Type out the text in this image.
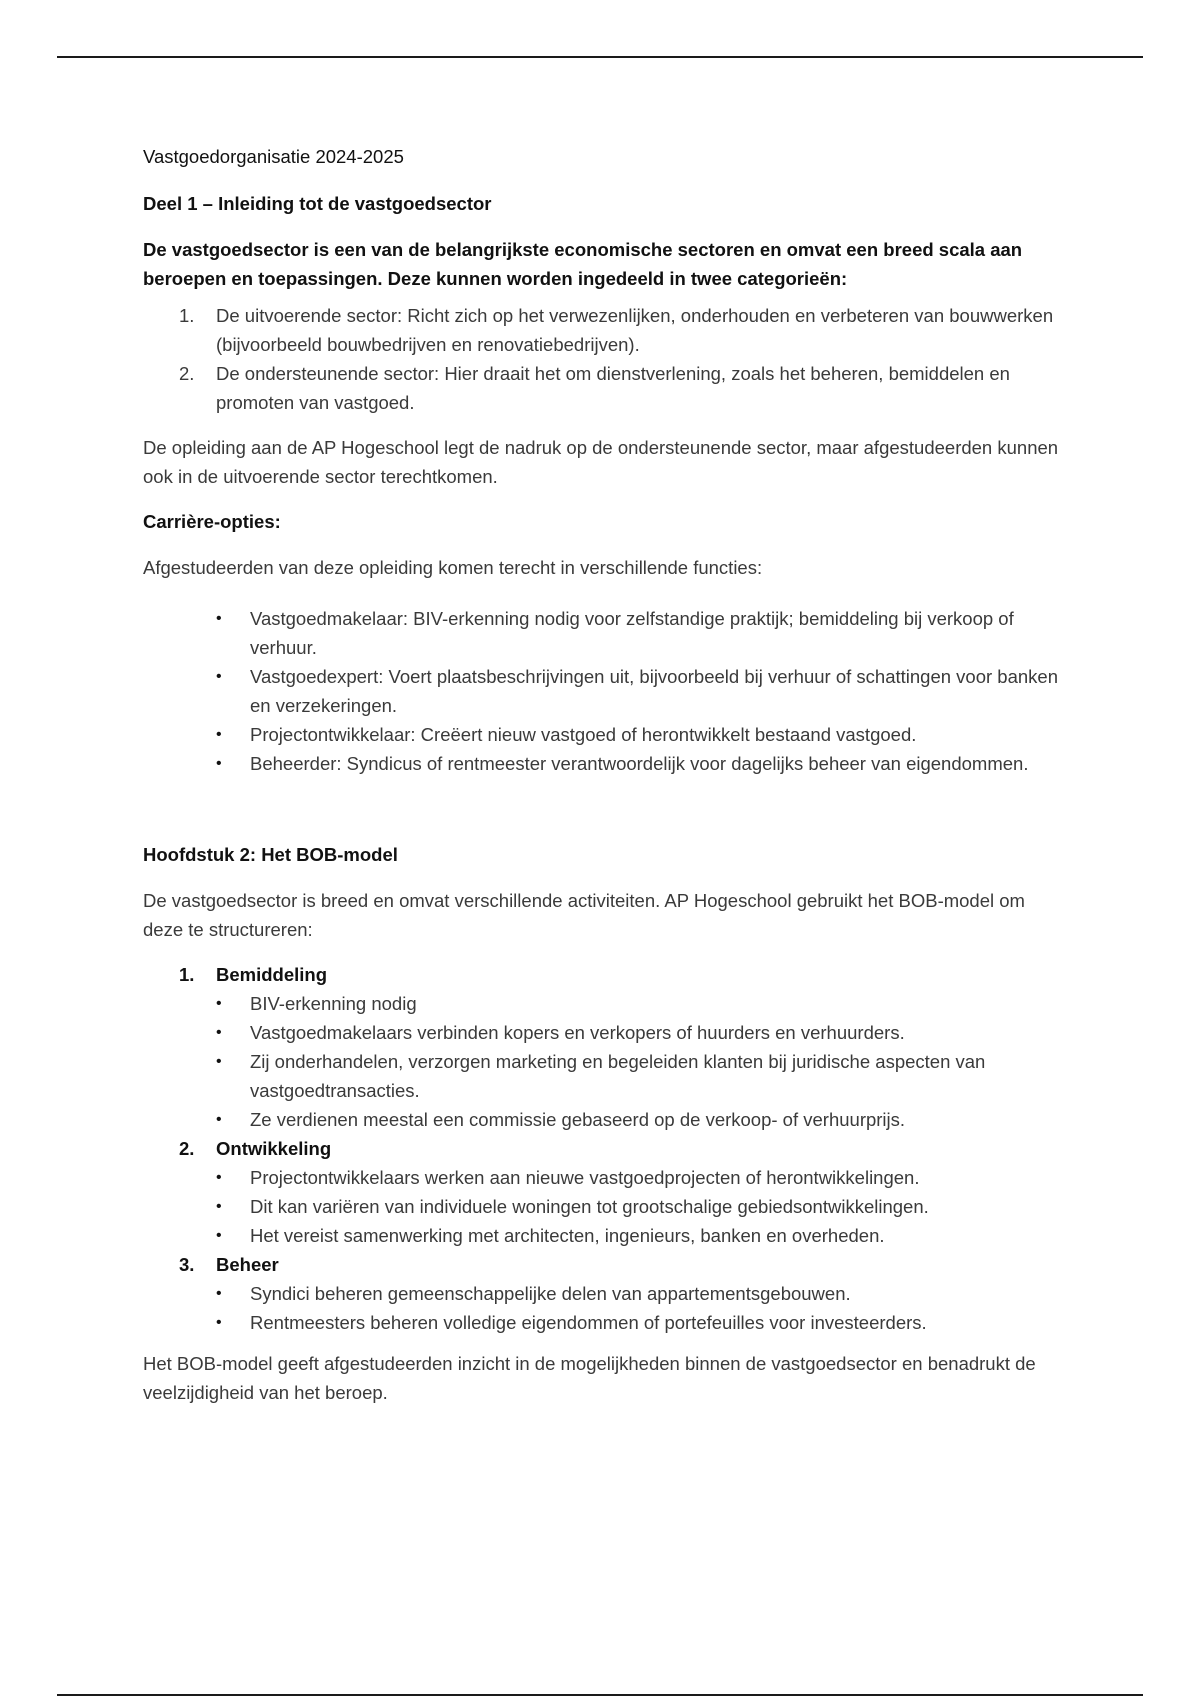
Vastgoedorganisatie 2024-2025

Deel 1 – Inleiding tot de vastgoedsector

De vastgoedsector is een van de belangrijkste economische sectoren en omvat een breed scala aan beroepen en toepassingen. Deze kunnen worden ingedeeld in twee categorieën:

1. De uitvoerende sector: Richt zich op het verwezenlijken, onderhouden en verbeteren van bouwwerken (bijvoorbeeld bouwbedrijven en renovatiebedrijven).
2. De ondersteunende sector: Hier draait het om dienstverlening, zoals het beheren, bemiddelen en promoten van vastgoed.

De opleiding aan de AP Hogeschool legt de nadruk op de ondersteunende sector, maar afgestudeerden kunnen ook in de uitvoerende sector terechtkomen.

Carrière-opties:

Afgestudeerden van deze opleiding komen terecht in verschillende functies:

• Vastgoedmakelaar: BIV-erkenning nodig voor zelfstandige praktijk; bemiddeling bij verkoop of verhuur.
• Vastgoedexpert: Voert plaatsbeschrijvingen uit, bijvoorbeeld bij verhuur of schattingen voor banken en verzekeringen.
• Projectontwikkelaar: Creëert nieuw vastgoed of herontwikkelt bestaand vastgoed.
• Beheerder: Syndicus of rentmeester verantwoordelijk voor dagelijks beheer van eigendommen.

Hoofdstuk 2: Het BOB-model

De vastgoedsector is breed en omvat verschillende activiteiten. AP Hogeschool gebruikt het BOB-model om deze te structureren:

1. Bemiddeling
• BIV-erkenning nodig
• Vastgoedmakelaars verbinden kopers en verkopers of huurders en verhuurders.
• Zij onderhandelen, verzorgen marketing en begeleiden klanten bij juridische aspecten van vastgoedtransacties.
• Ze verdienen meestal een commissie gebaseerd op de verkoop- of verhuurprijs.
2. Ontwikkeling
• Projectontwikkelaars werken aan nieuwe vastgoedprojecten of herontwikkelingen.
• Dit kan variëren van individuele woningen tot grootschalige gebiedsontwikkelingen.
• Het vereist samenwerking met architecten, ingenieurs, banken en overheden.
3. Beheer
• Syndici beheren gemeenschappelijke delen van appartementsgebouwen.
• Rentmeesters beheren volledige eigendommen of portefeuilles voor investeerders.

Het BOB-model geeft afgestudeerden inzicht in de mogelijkheden binnen de vastgoedsector en benadrukt de veelzijdigheid van het beroep.
